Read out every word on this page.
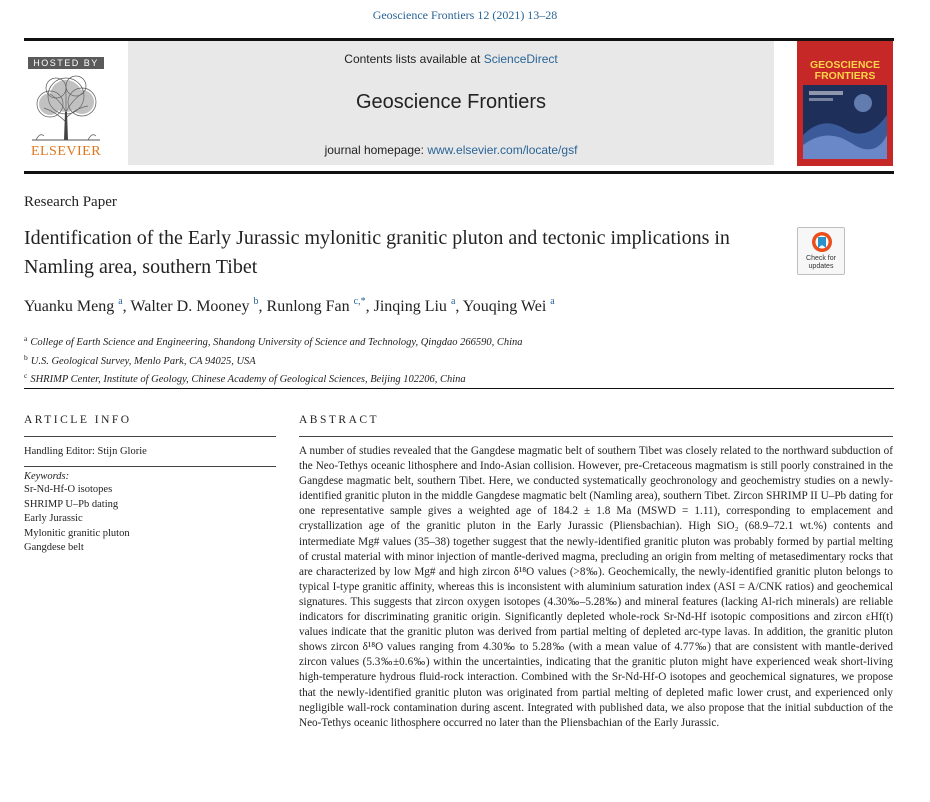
Geoscience Frontiers 12 (2021) 13–28
HOSTED BY
ELSEVIER
Contents lists available at ScienceDirect
Geoscience Frontiers
journal homepage: www.elsevier.com/locate/gsf
GEOSCIENCE
FRONTIERS
Research Paper
Identification of the Early Jurassic mylonitic granitic pluton and tectonic implications in Namling area, southern Tibet	Check for updates
Yuanku Meng $^a$, Walter D. Mooney $^b$, Runlong Fan $^{c,*}$, Jinqing Liu $^a$, Youqing Wei $^a$
$^a$ College of Earth Science and Engineering, Shandong University of Science and Technology, Qingdao 266590, China
$^b$ U.S. Geological Survey, Menlo Park, CA 94025, USA
$^c$ SHRIMP Center, Institute of Geology, Chinese Academy of Geological Sciences, Beijing 102206, China
ARTICLE INFO
Handling Editor: Stijn Glorie
Keywords:
Sr-Nd-Hf-O isotopes
SHRIMP U–Pb dating
Early Jurassic
Mylonitic granitic pluton
Gangdese belt
ABSTRACT

A number of studies revealed that the Gangdese magmatic belt of southern Tibet was closely related to the northward subduction of the Neo-Tethys oceanic lithosphere and Indo-Asian collision. However, pre-Cretaceous magmatism is still poorly constrained in the Gangdese magmatic belt, southern Tibet. Here, we conducted systematically geochronology and geochemistry studies on a newly-identified granitic pluton in the middle Gangdese magmatic belt (Namling area), southern Tibet. Zircon SHRIMP II U–Pb dating for one representative sample gives a weighted age of 184.2 ± 1.8 Ma (MSWD = 1.11), corresponding to emplacement and crystallization age of the granitic pluton in the Early Jurassic (Pliensbachian). High SiO₂ (68.9–72.1 wt.%) contents and intermediate Mg# values (35–38) together suggest that the newly-identified granitic pluton was probably formed by partial melting of crustal material with minor injection of mantle-derived magma, precluding an origin from melting of metasedimentary rocks that are characterized by low Mg# and high zircon δ¹⁸O values (>8‰). Geochemically, the newly-identified granitic pluton belongs to typical I-type granitic affinity, whereas this is inconsistent with aluminium saturation index (ASI = A/CNK ratios) and geochemical signatures. This suggests that zircon oxygen isotopes (4.30‰–5.28‰) and mineral features (lacking Al-rich minerals) are reliable indicators for discriminating granitic origin. Significantly depleted whole-rock Sr-Nd-Hf isotopic compositions and zircon εHf(t) values indicate that the granitic pluton was derived from partial melting of depleted arc-type lavas. In addition, the granitic pluton shows zircon δ¹⁸O values ranging from 4.30‰ to 5.28‰ (with a mean value of 4.77‰) that are consistent with mantle-derived zircon values (5.3‰±0.6‰) within the uncertainties, indicating that the granitic pluton might have experienced weak short-living high-temperature hydrous fluid-rock interaction. Combined with the Sr-Nd-Hf-O isotopes and geochemical signatures, we propose that the newly-identified granitic pluton was originated from partial melting of depleted mafic lower crust, and experienced only negligible wall-rock contamination during ascent. Integrated with published data, we also propose that the initial subduction of the Neo-Tethys oceanic lithosphere occurred no later than the Pliensbachian of the Early Jurassic.
